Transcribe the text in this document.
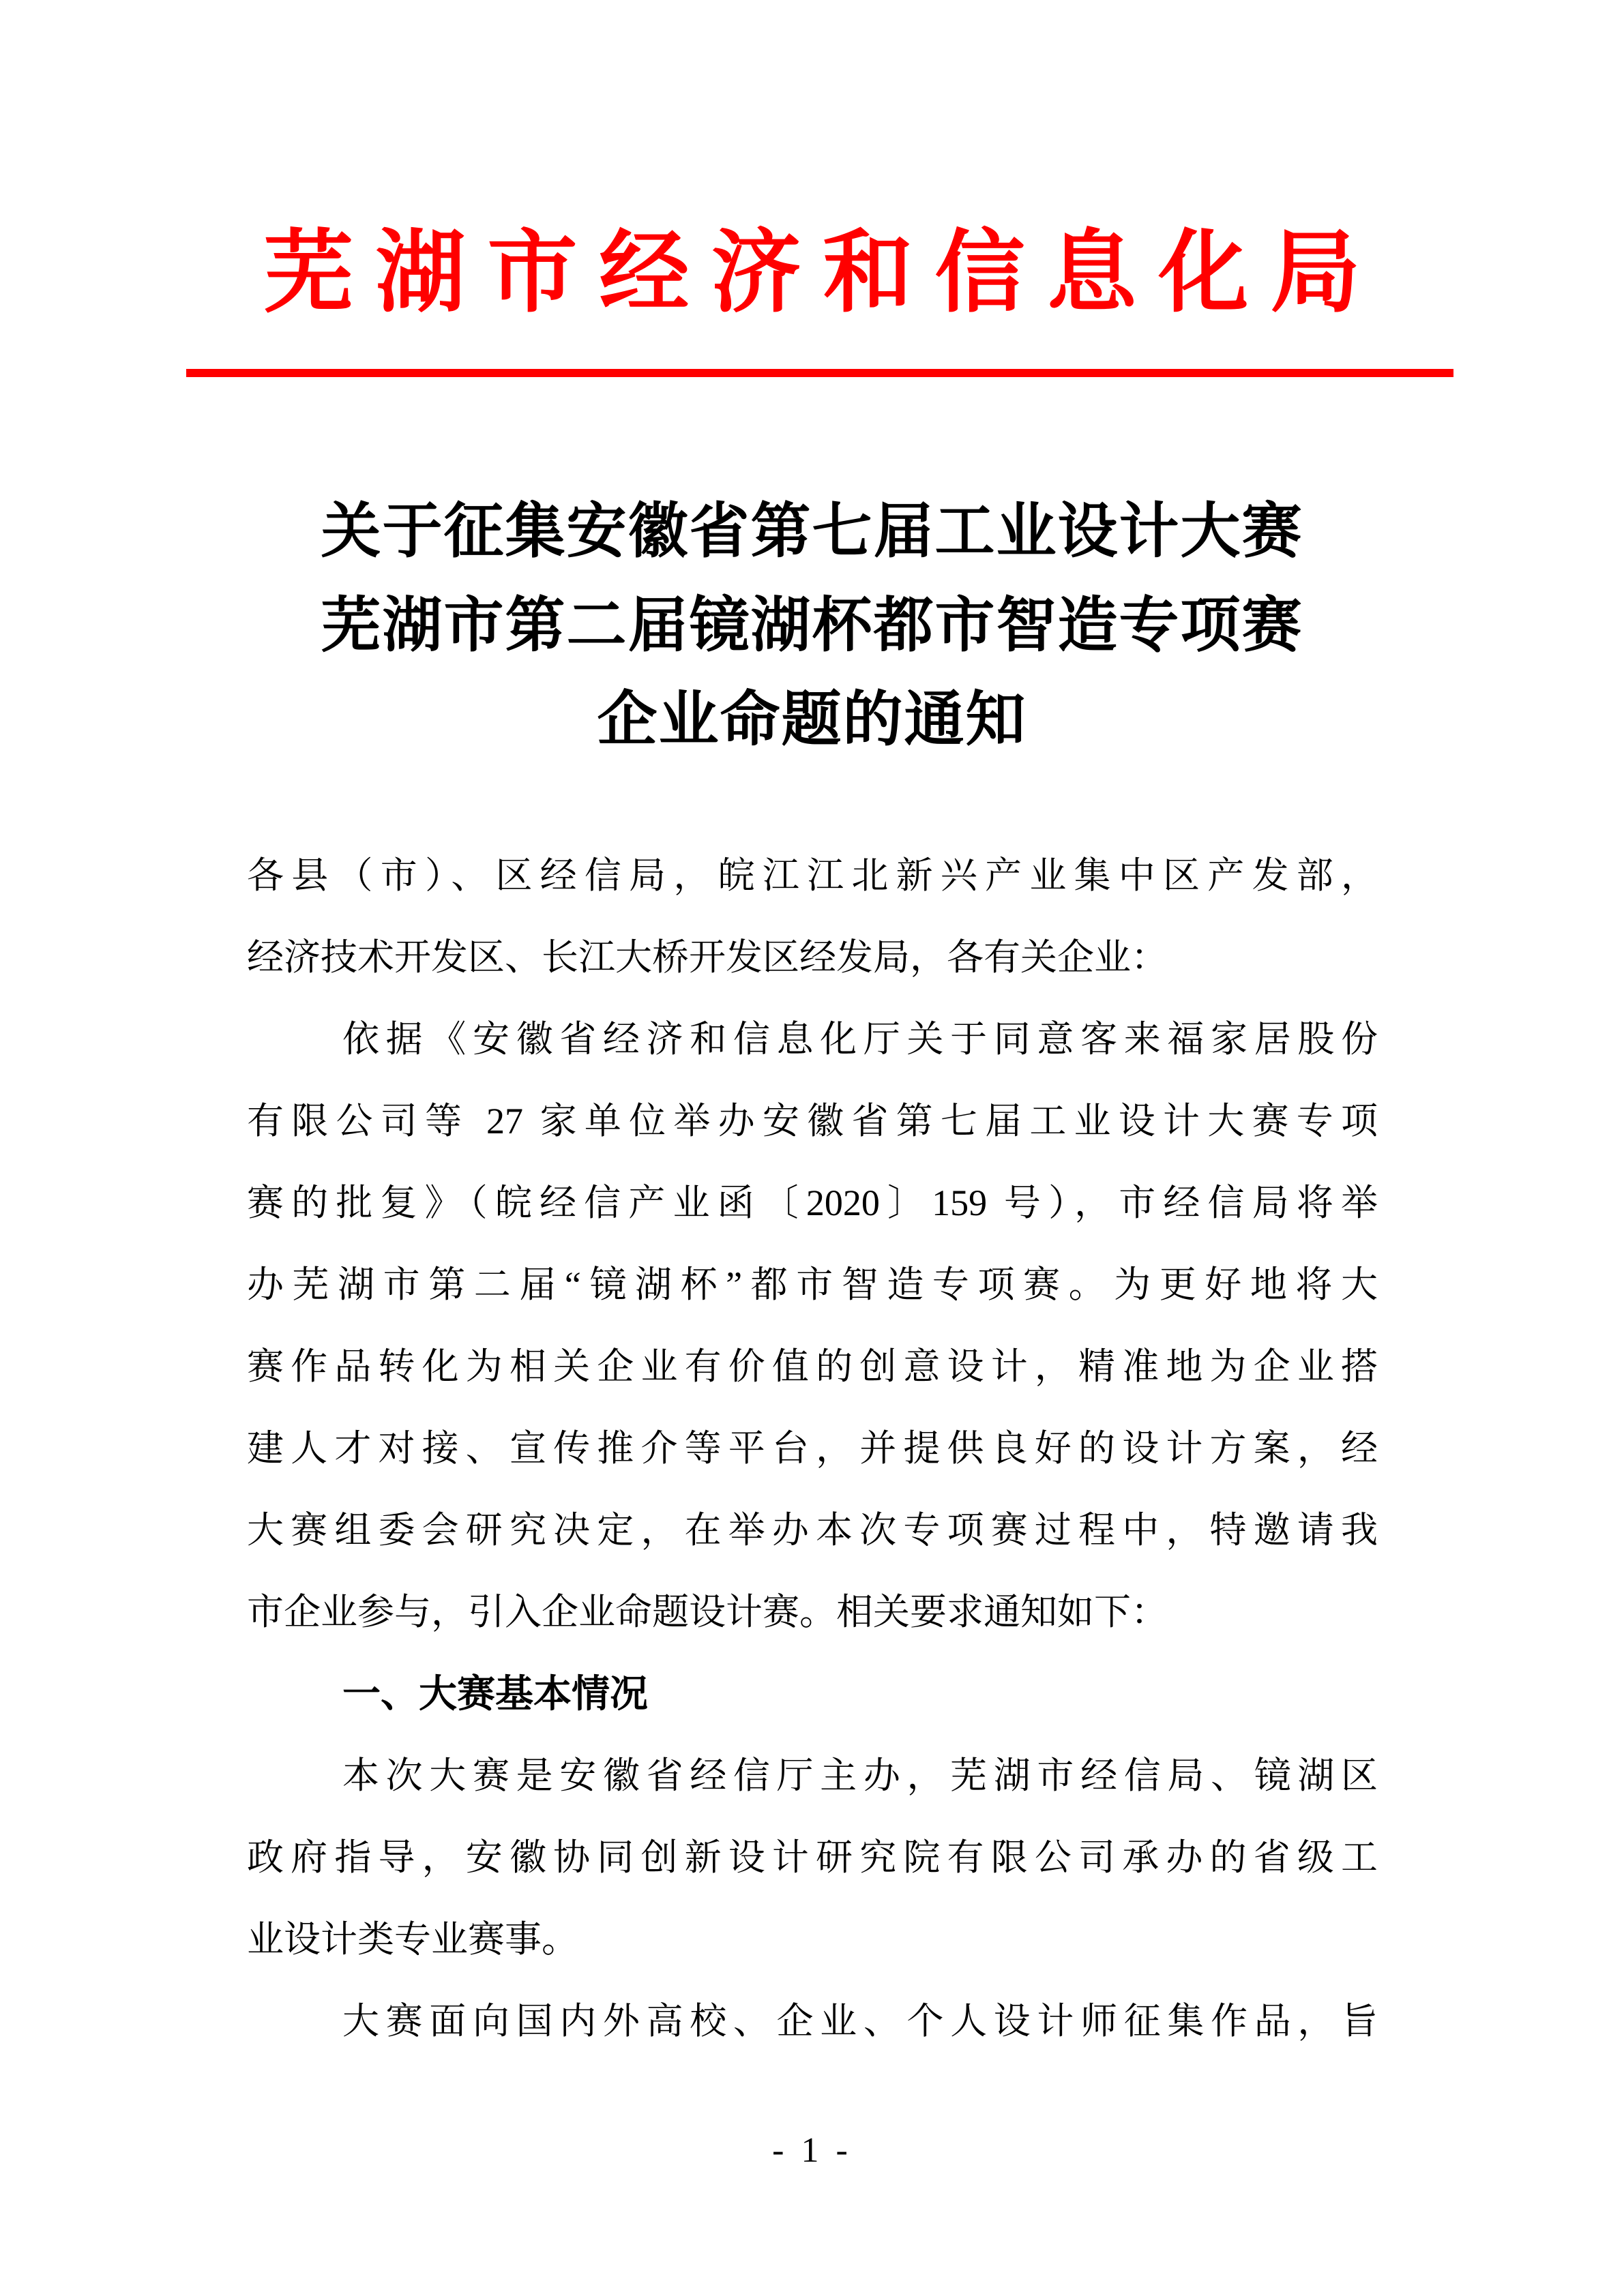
芜湖市经济和信息化局
关于征集安徽省第七届工业设计大赛
芜湖市第二届镜湖杯都市智造专项赛
企业命题的通知
各县（市）、区经信局，皖江江北新兴产业集中区产发部，
经济技术开发区、长江大桥开发区经发局，各有关企业：
依据《安徽省经济和信息化厅关于同意客来福家居股份
有限公司等 27 家单位举办安徽省第七届工业设计大赛专项
赛的批复》（皖经信产业函〔2020〕159 号），市经信局将举
办芜湖市第二届“镜湖杯”都市智造专项赛。为更好地将大
赛作品转化为相关企业有价值的创意设计，精准地为企业搭
建人才对接、宣传推介等平台，并提供良好的设计方案，经
大赛组委会研究决定，在举办本次专项赛过程中，特邀请我
市企业参与，引入企业命题设计赛。相关要求通知如下：
一、大赛基本情况
本次大赛是安徽省经信厅主办，芜湖市经信局、镜湖区
政府指导，安徽协同创新设计研究院有限公司承办的省级工
业设计类专业赛事。
大赛面向国内外高校、企业、个人设计师征集作品，旨
- 1 -
